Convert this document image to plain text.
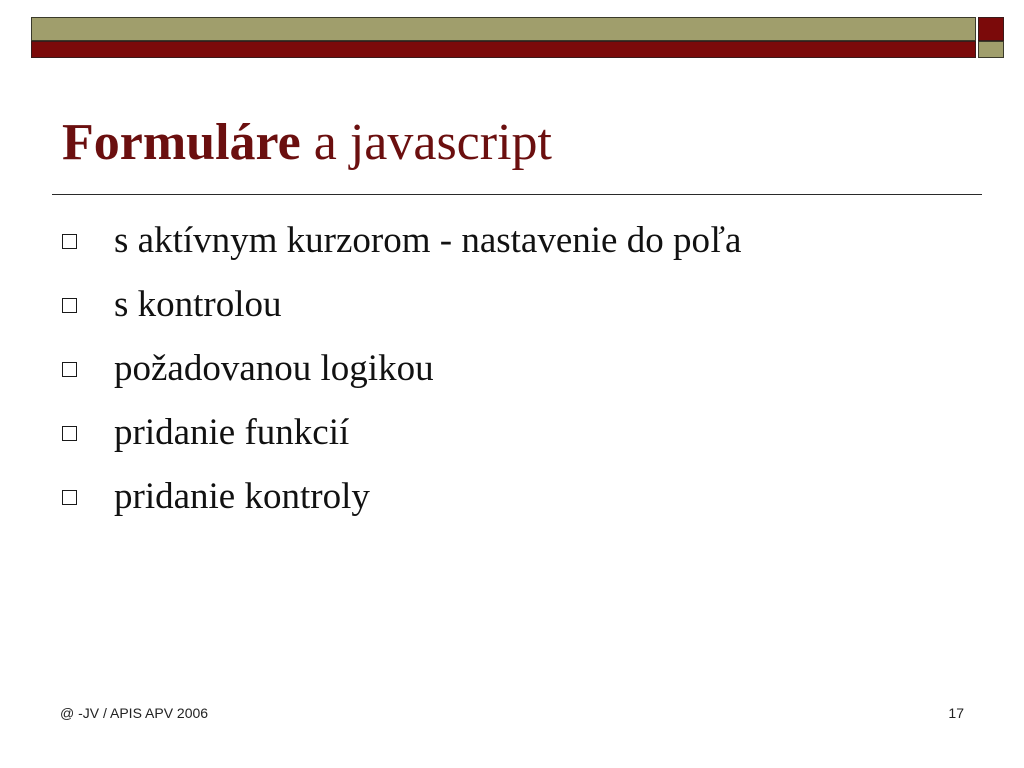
Formuláre a javascript
s aktívnym kurzorom - nastavenie do poľa
s kontrolou
požadovanou logikou
pridanie funkcií
pridanie kontroly
@ -JV / APIS APV 2006	17
